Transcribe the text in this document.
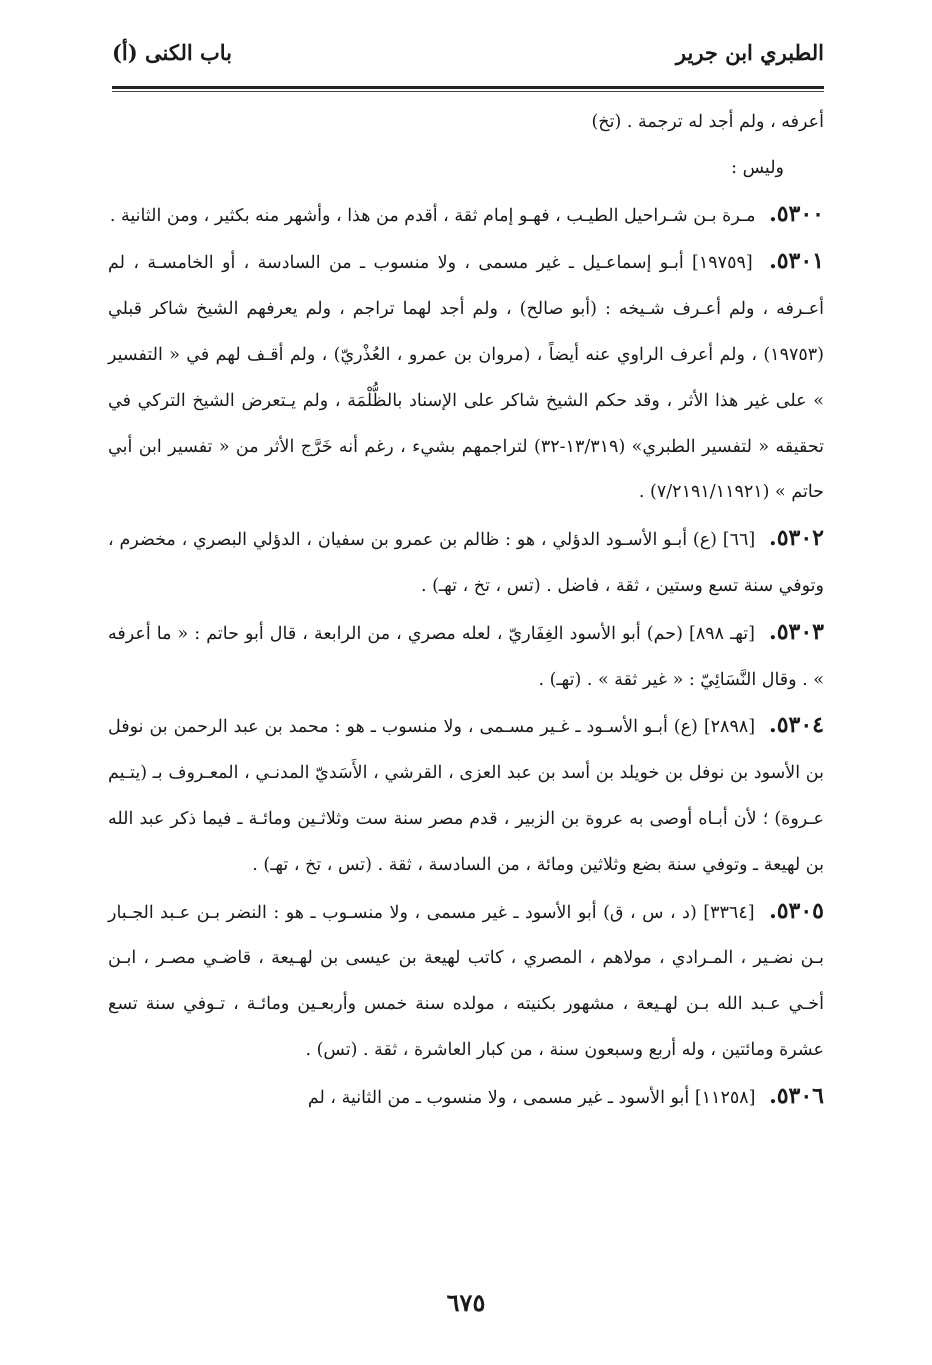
الطبري ابن جرير
باب الكنى (أ)

أعرفه ، ولم أجد له ترجمة . (تخ)

وليس :

٥٣٠٠. مـرة بـن شـراحيل الطيـب ، فهـو إمام ثقة ، أقدم من هذا ، وأشهر منه بكثير ، ومن الثانية .

٥٣٠١. [١٩٧٥٩] أبـو إسماعـيل ـ غير مسمى ، ولا منسوب ـ من السادسة ، أو الخامسـة ، لم أعـرفه ، ولم أعـرف شـيخه : (أبو صالح) ، ولم أجد لهما تراجم ، ولم يعرفهم الشيخ شاكر قبلي (١٩٧٥٣) ، ولم أعرف الراوي عنه أيضاً ، (مروان بن عمرو ، العُذْريّ) ، ولم أقـف لهم في « التفسير » على غير هذا الأثر ، وقد حكم الشيخ شاكر على الإسناد بالظُّلْمَة ، ولم يـتعرض الشيخ التركي في تحقيقه « لتفسير الطبري» (١٣/٣١٩-٣٢) لتراجمهم بشيء ، رغم أنه خَرَّج الأثر من « تفسير ابن أبي حاتم » (٧/٢١٩١/١١٩٢١) .

٥٣٠٢. [٦٦] (ع) أبـو الأسـود الدؤلي ، هو : ظالم بن عمرو بن سفيان ، الدؤلي البصري ، مخضرم ، وتوفي سنة تسع وستين ، ثقة ، فاضل . (تس ، تخ ، تهـ) .

٥٣٠٣. [تهـ ٨٩٨] (حم) أبو الأسود الغِفَاريّ ، لعله مصري ، من الرابعة ، قال أبو حاتم : « ما أعرفه » . وقال النَّسَائِيّ : « غير ثقة » . (تهـ) .

٥٣٠٤. [٢٨٩٨] (ع) أبـو الأسـود ـ غـير مسـمى ، ولا منسوب ـ هو : محمد بن عبد الرحمن بن نوفل بن الأسود بن نوفل بن خويلد بن أسد بن عبد العزى ، القرشي ، الأَسَديّ المدنـي ، المعـروف بـ (يتـيم عـروة) ؛ لأن أبـاه أوصى به عروة بن الزبير ، قدم مصر سنة ست وثلاثـين ومائـة ـ فيما ذكر عبد الله بن لهيعة ـ وتوفي سنة بضع وثلاثين ومائة ، من السادسة ، ثقة . (تس ، تخ ، تهـ) .

٥٣٠٥. [٣٣٦٤] (د ، س ، ق) أبو الأسود ـ غير مسمى ، ولا منسـوب ـ هو : النضر بـن عـبد الجـبار بـن نضـير ، المـرادي ، مولاهم ، المصري ، كاتب لهيعة بن عيسى بن لهـيعة ، قاضـي مصـر ، ابـن أخـي عـبد الله بـن لهـيعة ، مشهور بكنيته ، مولده سنة خمس وأربعـين ومائـة ، تـوفي سنة تسع عشرة ومائتين ، وله أربع وسبعون سنة ، من كبار العاشرة ، ثقة . (تس) .

٥٣٠٦. [١١٢٥٨] أبو الأسود ـ غير مسمى ، ولا منسوب ـ من الثانية ، لم

٦٧٥
